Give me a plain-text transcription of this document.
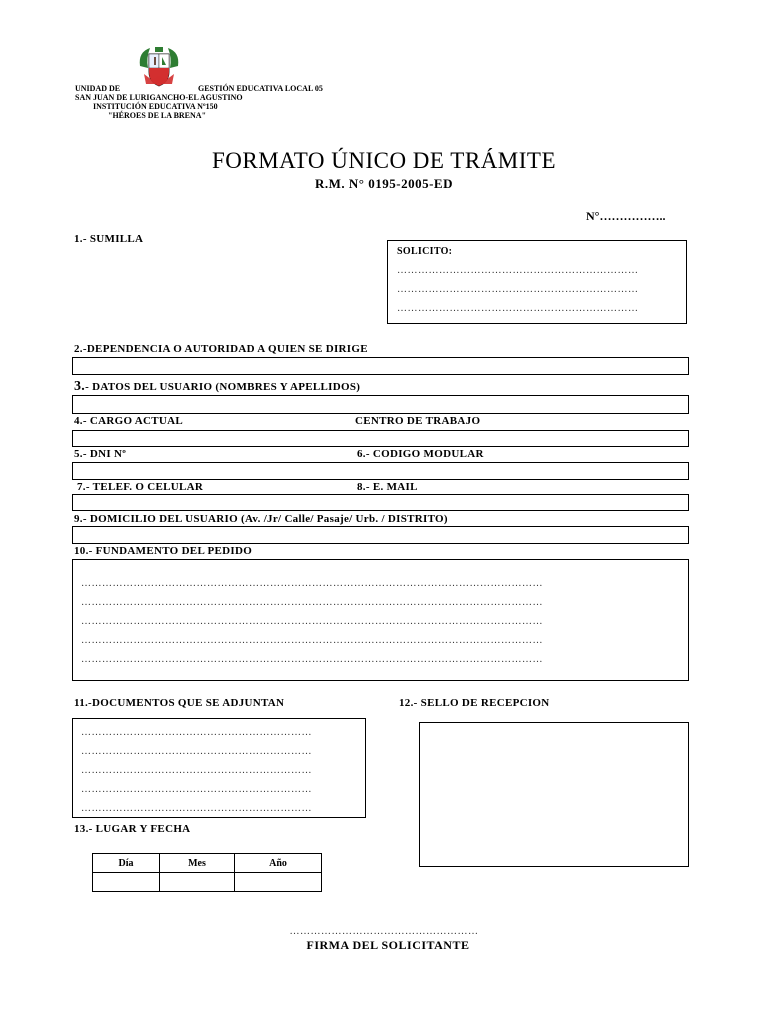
UNIDAD DE	GESTIÓN EDUCATIVA LOCAL 05
SAN JUAN DE LURIGANCHO-EL AGUSTINO
INSTITUCIÓN EDUCATIVA Nº150
"HÉROES DE LA BRENA"
FORMATO ÚNICO DE TRÁMITE
R.M. N° 0195-2005-ED
N°……………..
1.- SUMILLA
SOLICITO:
……………………………………………………………
……………………………………………………………
……………………………………………………………
2.-DEPENDENCIA O AUTORIDAD A QUIEN SE DIRIGE
3.- DATOS DEL USUARIO (NOMBRES Y APELLIDOS)
4.- CARGO ACTUAL	CENTRO DE TRABAJO
5.- DNI Nº	6.- CODIGO MODULAR
7.- TELEF. O CELULAR	8.- E. MAIL
9.- DOMICILIO DEL USUARIO (Av. /Jr/ Calle/ Pasaje/ Urb. / DISTRITO)
10.- FUNDAMENTO DEL PEDIDO
……………………………………………………………………………………………………………………
……………………………………………………………………………………………………………………
……………………………………………………………………………………………………………………
……………………………………………………………………………………………………………………
……………………………………………………………………………………………………………………
11.-DOCUMENTOS QUE SE ADJUNTAN
…………………………………………………………
…………………………………………………………
…………………………………………………………
…………………………………………………………
…………………………………………………………
12.- SELLO DE RECEPCION
13.- LUGAR Y FECHA
Día	Mes	Año

………………………………………………
FIRMA DEL SOLICITANTE
